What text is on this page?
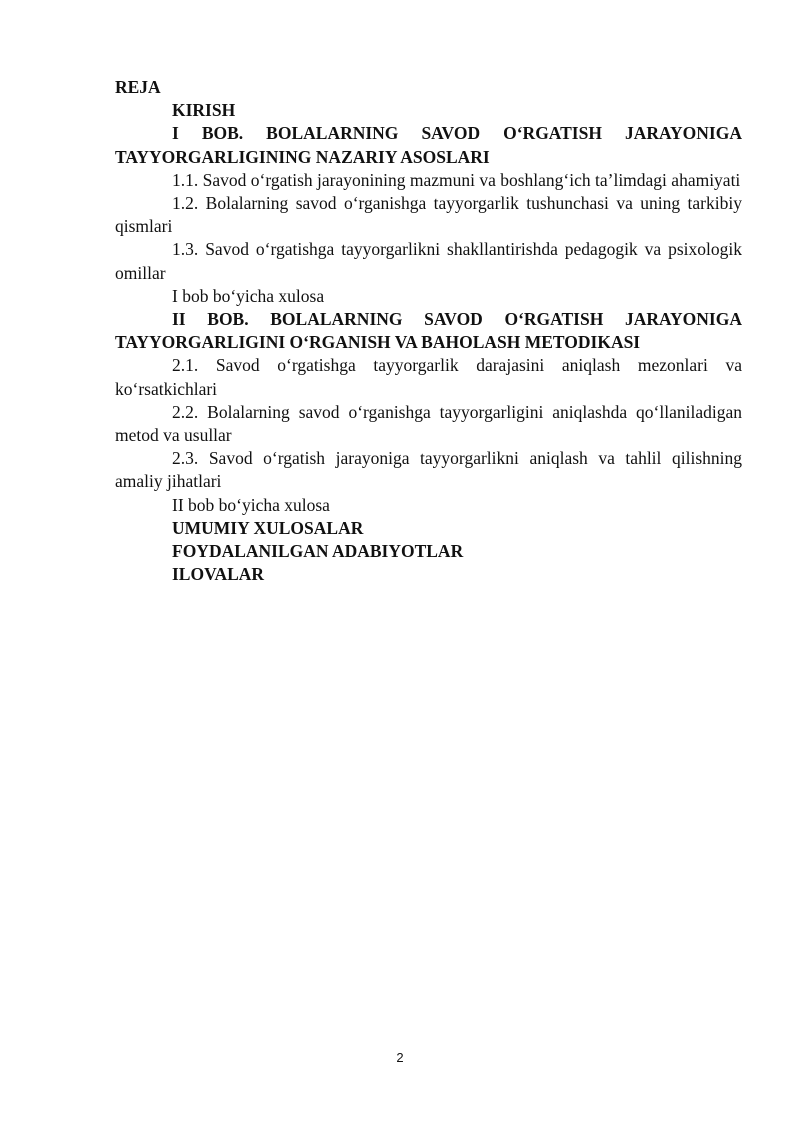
REJA

KIRISH

I BOB. BOLALARNING SAVOD O‘RGATISH JARAYONIGA TAYYORGARLIGINING NAZARIY ASOSLARI

1.1. Savod o‘rgatish jarayonining mazmuni va boshlang‘ich ta’limdagi ahamiyati

1.2. Bolalarning savod o‘rganishga tayyorgarlik tushunchasi va uning tarkibiy qismlari

1.3. Savod o‘rgatishga tayyorgarlikni shakllantirishda pedagogik va psixologik omillar

I bob bo‘yicha xulosa

II BOB. BOLALARNING SAVOD O‘RGATISH JARAYONIGA TAYYORGARLIGINI O‘RGANISH VA BAHOLASH METODIKASI

2.1. Savod o‘rgatishga tayyorgarlik darajasini aniqlash mezonlari va ko‘rsatkichlari

2.2. Bolalarning savod o‘rganishga tayyorgarligini aniqlashda qo‘llaniladigan metod va usullar

2.3. Savod o‘rgatish jarayoniga tayyorgarlikni aniqlash va tahlil qilishning amaliy jihatlari

II bob bo‘yicha xulosa

UMUMIY XULOSALAR

FOYDALANILGAN ADABIYOTLAR

ILOVALAR

2
